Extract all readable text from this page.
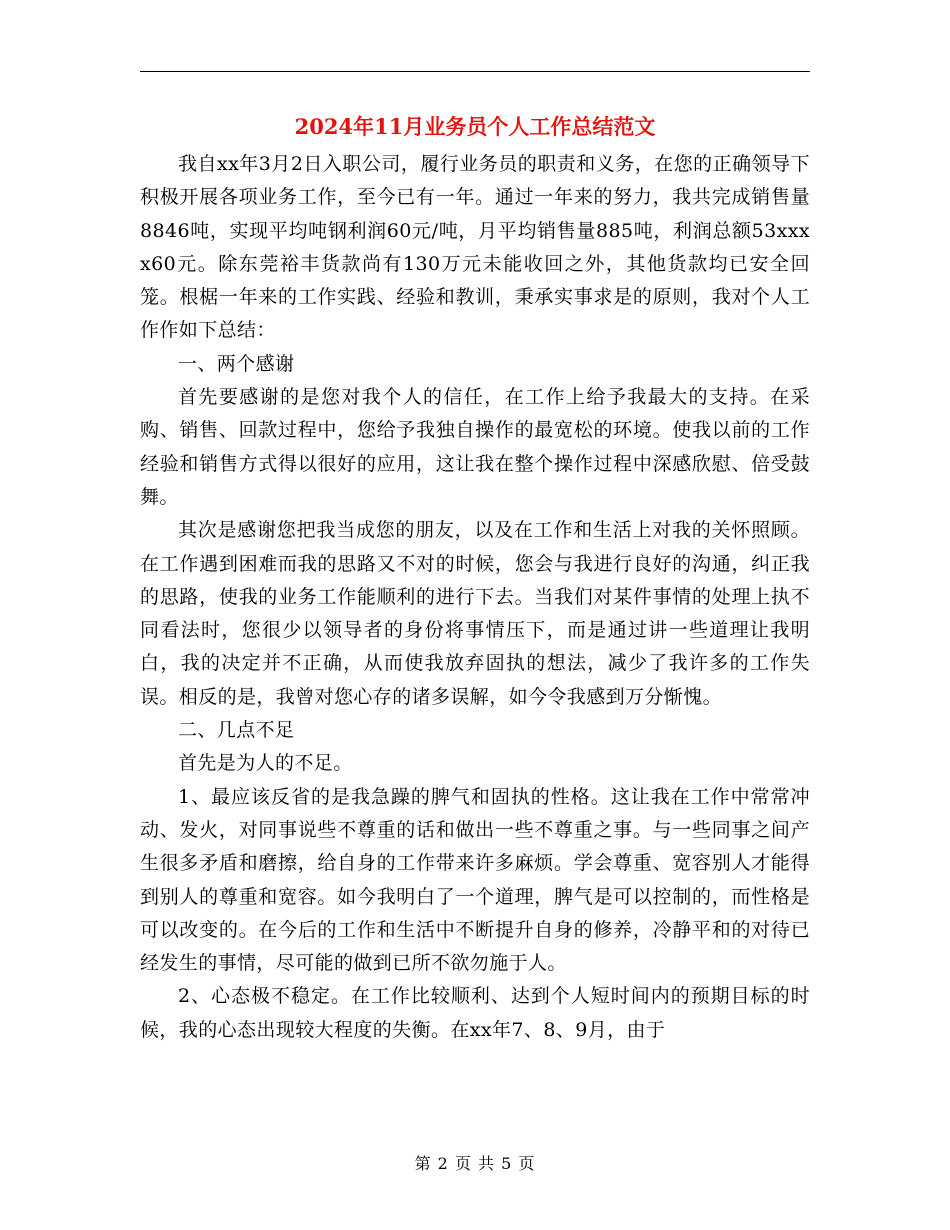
2024年11月业务员个人工作总结范文

我自xx年3月2日入职公司，履行业务员的职责和义务，在您的正确领导下积极开展各项业务工作，至今已有一年。通过一年来的努力，我共完成销售量8846吨，实现平均吨钢利润60元/吨，月平均销售量885吨，利润总额53xxxx60元。除东莞裕丰货款尚有130万元未能收回之外，其他货款均已安全回笼。根椐一年来的工作实践、经验和教训，秉承实事求是的原则，我对个人工作作如下总结：

一、两个感谢

首先要感谢的是您对我个人的信任，在工作上给予我最大的支持。在采购、销售、回款过程中，您给予我独自操作的最宽松的环境。使我以前的工作经验和销售方式得以很好的应用，这让我在整个操作过程中深感欣慰、倍受鼓舞。

其次是感谢您把我当成您的朋友，以及在工作和生活上对我的关怀照顾。在工作遇到困难而我的思路又不对的时候，您会与我进行良好的沟通，纠正我的思路，使我的业务工作能顺利的进行下去。当我们对某件事情的处理上执不同看法时，您很少以领导者的身份将事情压下，而是通过讲一些道理让我明白，我的决定并不正确，从而使我放弃固执的想法，减少了我许多的工作失误。相反的是，我曾对您心存的诸多误解，如今令我感到万分惭愧。

二、几点不足

首先是为人的不足。

1、最应该反省的是我急躁的脾气和固执的性格。这让我在工作中常常冲动、发火，对同事说些不尊重的话和做出一些不尊重之事。与一些同事之间产生很多矛盾和磨擦，给自身的工作带来许多麻烦。学会尊重、宽容别人才能得到别人的尊重和宽容。如今我明白了一个道理，脾气是可以控制的，而性格是可以改变的。在今后的工作和生活中不断提升自身的修养，冷静平和的对待已经发生的事情，尽可能的做到已所不欲勿施于人。

2、心态极不稳定。在工作比较顺利、达到个人短时间内的预期目标的时候，我的心态出现较大程度的失衡。在xx年7、8、9月，由于

第 2 页 共 5 页
